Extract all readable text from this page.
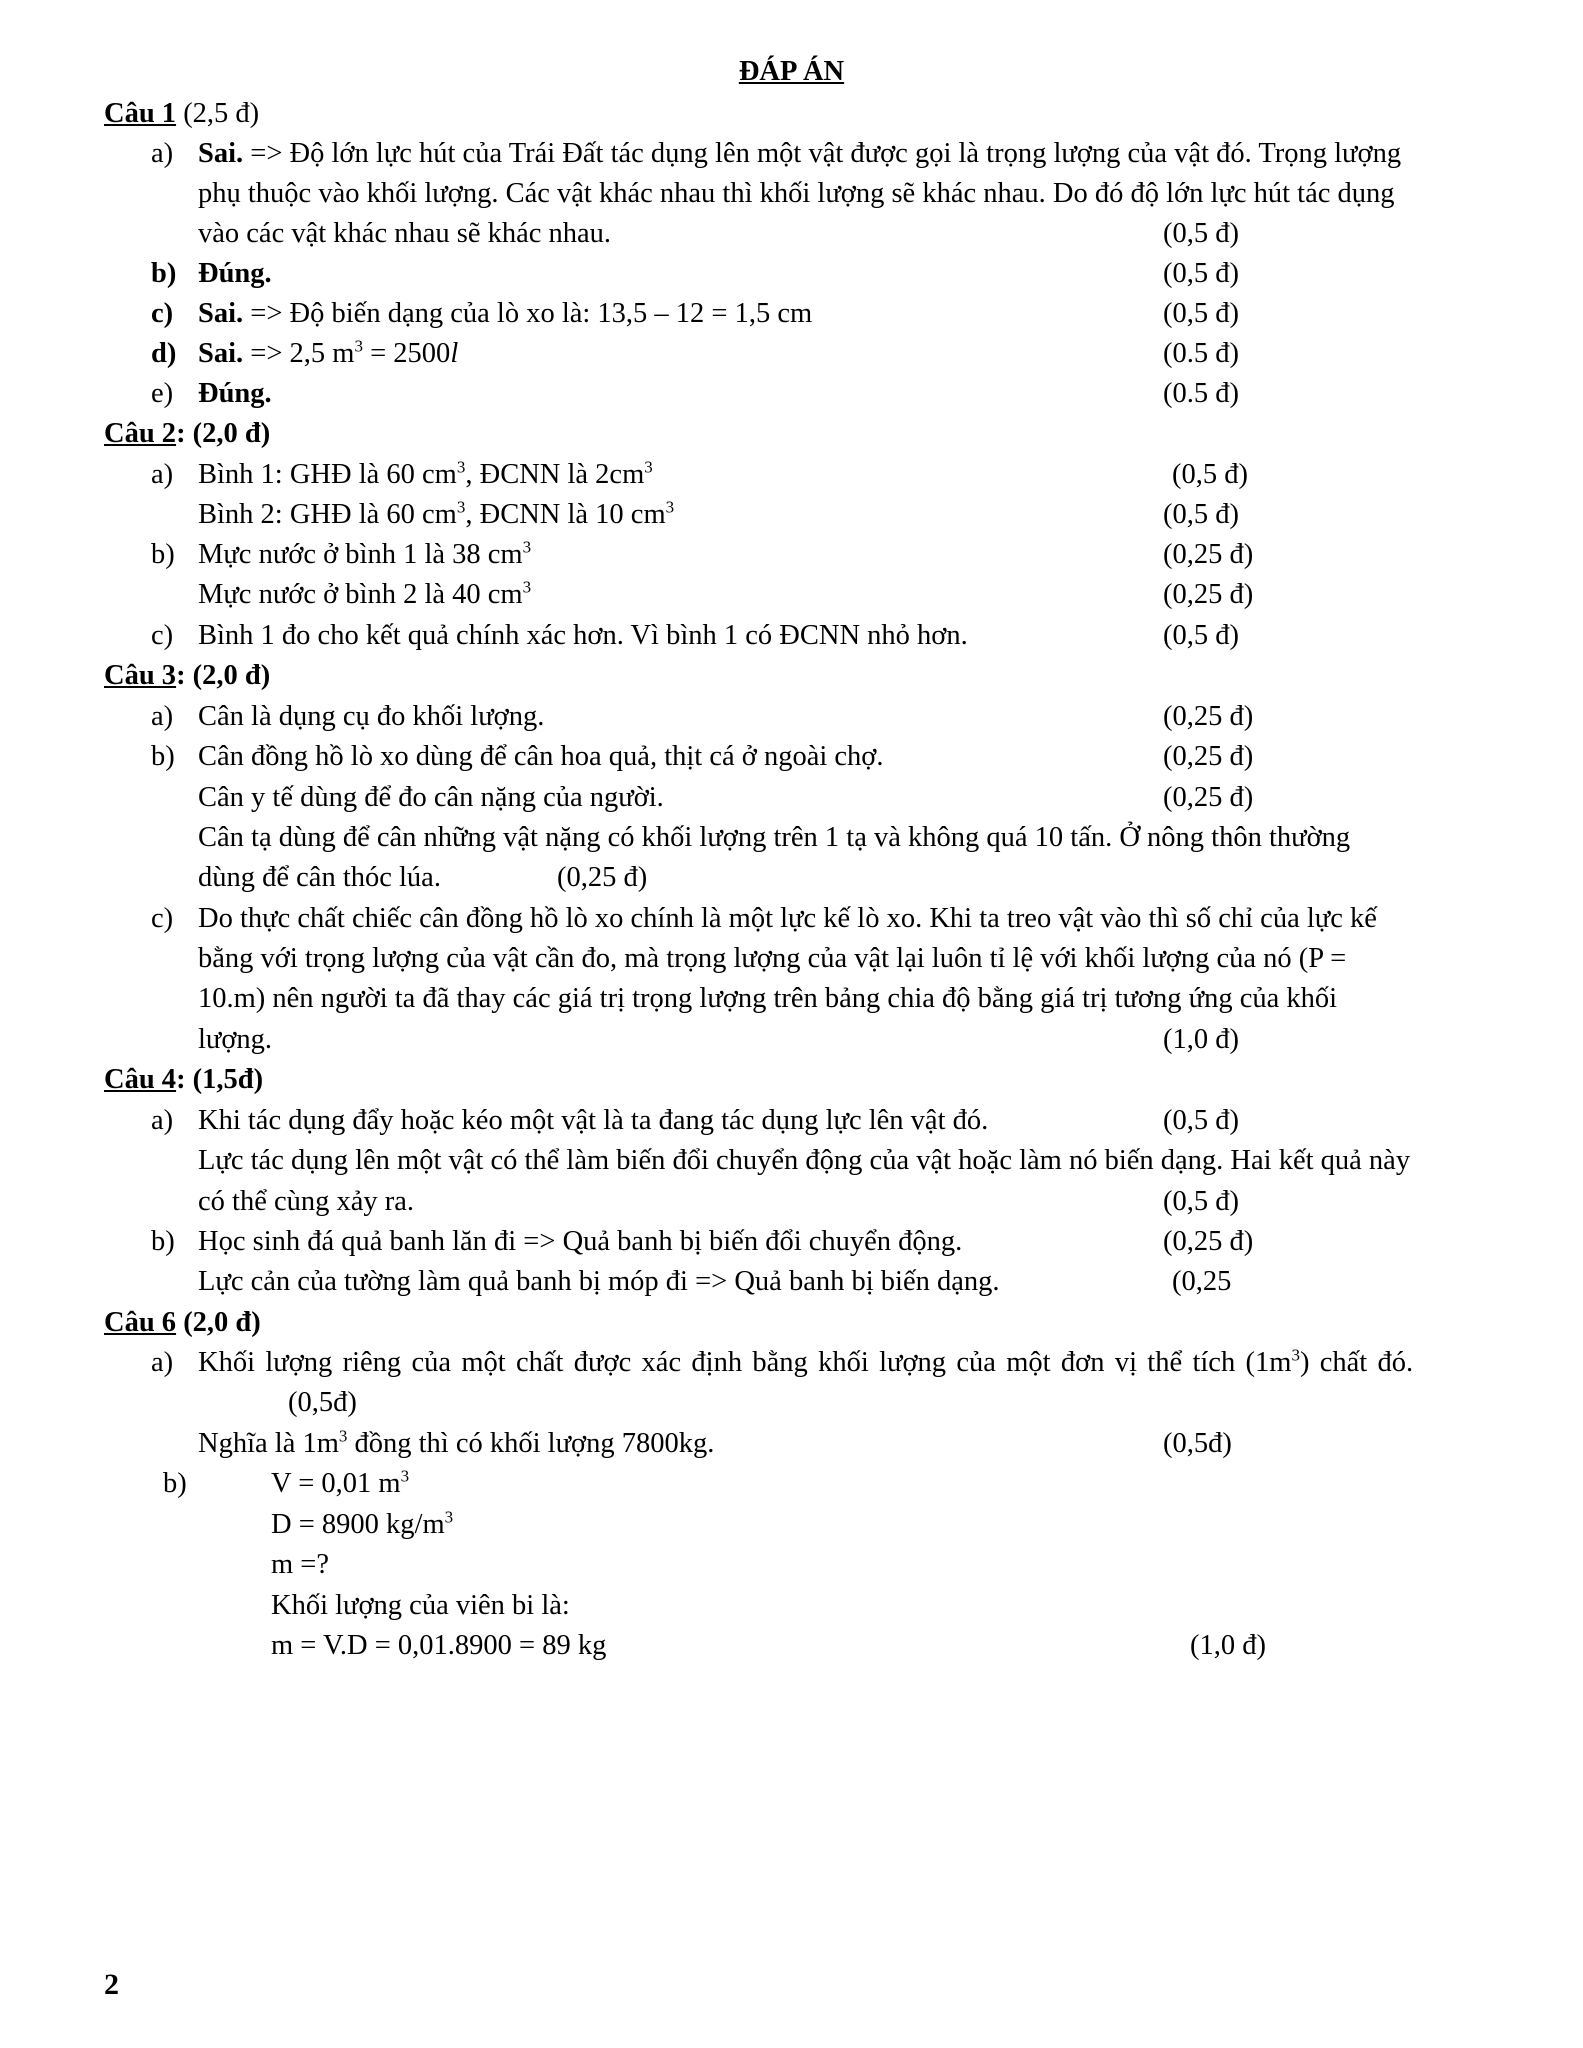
ĐÁP ÁN
Câu 1 (2,5 đ)
a) Sai. => Độ lớn lực hút của Trái Đất tác dụng lên một vật được gọi là trọng lượng của vật đó. Trọng lượng
phụ thuộc vào khối lượng. Các vật khác nhau thì khối lượng sẽ khác nhau. Do đó độ lớn lực hút tác dụng
vào các vật khác nhau sẽ khác nhau.	(0,5 đ)
b) Đúng.	(0,5 đ)
c) Sai. => Độ biến dạng của lò xo là: 13,5 – 12 = 1,5 cm	(0,5 đ)
d) Sai. => 2,5 $m^3 = 2500l$	(0.5 đ)
e) Đúng.	(0.5 đ)
Câu 2: (2,0 đ)
a) Bình 1: GHĐ là 60 $cm^3$, ĐCNN là $2cm^3$	(0,5 đ)
Bình 2: GHĐ là 60 $cm^3$, ĐCNN là 10 $cm^3$	(0,5 đ)
b) Mực nước ở bình 1 là 38 $cm^3$	(0,25 đ)
Mực nước ở bình 2 là 40 $cm^3$	(0,25 đ)
c) Bình 1 đo cho kết quả chính xác hơn. Vì bình 1 có ĐCNN nhỏ hơn.	(0,5 đ)
Câu 3: (2,0 đ)
a) Cân là dụng cụ đo khối lượng.	(0,25 đ)
b) Cân đồng hồ lò xo dùng để cân hoa quả, thịt cá ở ngoài chợ.	(0,25 đ)
Cân y tế dùng để đo cân nặng của người.	(0,25 đ)
Cân tạ dùng để cân những vật nặng có khối lượng trên 1 tạ và không quá 10 tấn. Ở nông thôn thường
dùng để cân thóc lúa.	(0,25 đ)
c) Do thực chất chiếc cân đồng hồ lò xo chính là một lực kế lò xo. Khi ta treo vật vào thì số chỉ của lực kế
bằng với trọng lượng của vật cần đo, mà trọng lượng của vật lại luôn tỉ lệ với khối lượng của nó (P =
10.m) nên người ta đã thay các giá trị trọng lượng trên bảng chia độ bằng giá trị tương ứng của khối
lượng.	(1,0 đ)
Câu 4: (1,5đ)
a) Khi tác dụng đẩy hoặc kéo một vật là ta đang tác dụng lực lên vật đó.	(0,5 đ)
Lực tác dụng lên một vật có thể làm biến đổi chuyển động của vật hoặc làm nó biến dạng. Hai kết quả này
có thể cùng xảy ra.	(0,5 đ)
b) Học sinh đá quả banh lăn đi => Quả banh bị biến đổi chuyển động.	(0,25 đ)
Lực cản của tường làm quả banh bị móp đi => Quả banh bị biến dạng.	(0,25
Câu 6 (2,0 đ)
a) Khối lượng riêng của một chất được xác định bằng khối lượng của một đơn vị thể tích $(1m^3)$ chất đó.
(0,5đ)
Nghĩa là $1m^3$ đồng thì có khối lượng 7800kg.	(0,5đ)
b)	V = 0,01 $m^3$
D = 8900 $kg/m^3$
m =?
Khối lượng của viên bi là:
m = V.D = 0,01.8900 = 89 kg	(1,0 đ)
2
